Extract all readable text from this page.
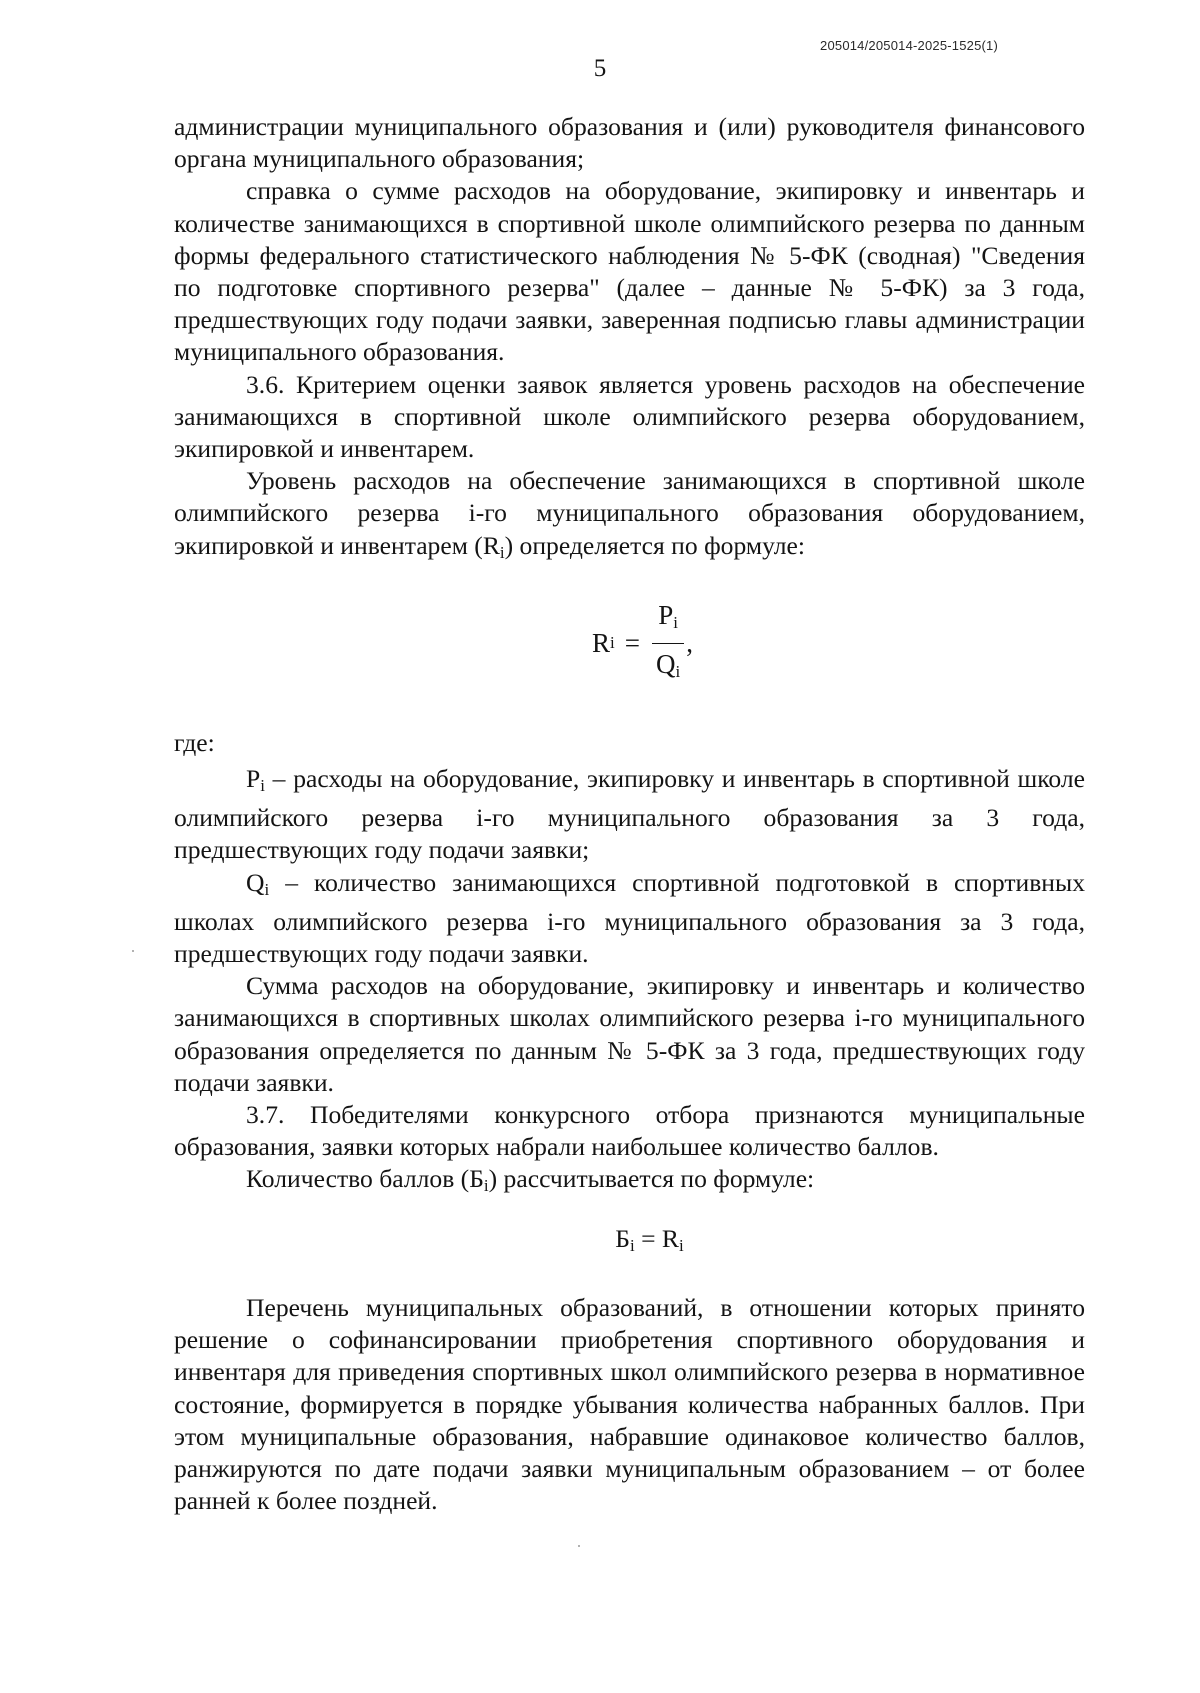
205014/205014-2025-1525(1)
5

администрации муниципального образования и (или) руководителя финансового органа муниципального образования;

справка о сумме расходов на оборудование, экипировку и инвентарь и количестве занимающихся в спортивной школе олимпийского резерва по данным формы федерального статистического наблюдения № 5-ФК (сводная) "Сведения по подготовке спортивного резерва" (далее – данные № 5-ФК) за 3 года, предшествующих году подачи заявки, заверенная подписью главы администрации муниципального образования.

3.6. Критерием оценки заявок является уровень расходов на обеспечение занимающихся в спортивной школе олимпийского резерва оборудованием, экипировкой и инвентарем.

Уровень расходов на обеспечение занимающихся в спортивной школе олимпийского резерва i-го муниципального образования оборудованием, экипировкой и инвентарем $(R_i)$ определяется по формуле:

R $i = \frac{P_i}{Q_i}$ ,

где:

$P_i$ – расходы на оборудование, экипировку и инвентарь в спортивной школе олимпийского резерва i-го муниципального образования за 3 года, предшествующих году подачи заявки;

$Q_i$ – количество занимающихся спортивной подготовкой в спортивных школах олимпийского резерва i-го муниципального образования за 3 года, предшествующих году подачи заявки.

Сумма расходов на оборудование, экипировку и инвентарь и количество занимающихся в спортивных школах олимпийского резерва i-го муниципального образования определяется по данным № 5-ФК за 3 года, предшествующих году подачи заявки.

3.7. Победителями конкурсного отбора признаются муниципальные образования, заявки которых набрали наибольшее количество баллов.

Количество баллов $(Б_i)$ рассчитывается по формуле:

$Б_i = R_i$

Перечень муниципальных образований, в отношении которых принято решение о софинансировании приобретения спортивного оборудования и инвентаря для приведения спортивных школ олимпийского резерва в нормативное состояние, формируется в порядке убывания количества набранных баллов. При этом муниципальные образования, набравшие одинаковое количество баллов, ранжируются по дате подачи заявки муниципальным образованием – от более ранней к более поздней.
